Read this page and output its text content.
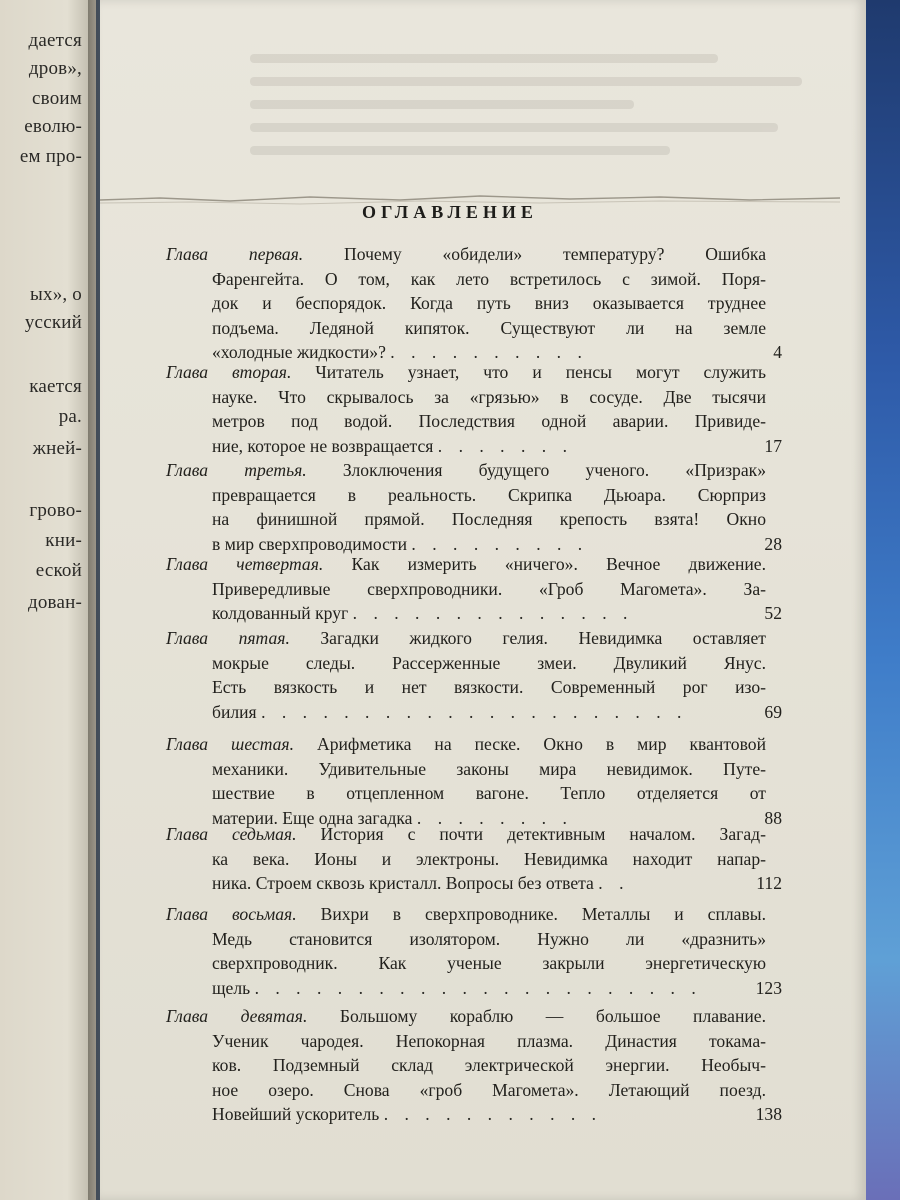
дается
дров»,
своим
еволю-
ем про-
ых», о
усский
кается
ра.
жней-
грово-
кни-
еской
дован-
ОГЛАВЛЕНИЕ

Глава первая. Почему «обидели» температуру? Ошибка

Фаренгейта. О том, как лето встретилось с зимой. Поря-

док и беспорядок. Когда путь вниз оказывается труднее

подъема. Ледяной кипяток. Существуют ли на земле

«холодные жидкости»? . . . . . . . . . .	4

Глава вторая. Читатель узнает, что и пенсы могут служить

науке. Что скрывалось за «грязью» в сосуде. Две тысячи

метров под водой. Последствия одной аварии. Привиде-

ние, которое не возвращается . . . . . . .	17

Глава третья. Злоключения будущего ученого. «Призрак»

превращается в реальность. Скрипка Дьюара. Сюрприз

на финишной прямой. Последняя крепость взята! Окно

в мир сверхпроводимости . . . . . . . . .	28

Глава четвертая. Как измерить «ничего». Вечное движение.

Привередливые сверхпроводники. «Гроб Магомета». За-

колдованный круг . . . . . . . . . . . . . .	52

Глава пятая. Загадки жидкого гелия. Невидимка оставляет

мокрые следы. Рассерженные змеи. Двуликий Янус.

Есть вязкость и нет вязкости. Современный рог изо-

билия . . . . . . . . . . . . . . . . . . . . .	69

Глава шестая. Арифметика на песке. Окно в мир квантовой

механики. Удивительные законы мира невидимок. Путе-

шествие в отцепленном вагоне. Тепло отделяется от

материи. Еще одна загадка . . . . . . . .	88

Глава седьмая. История с почти детективным началом. Загад-

ка века. Ионы и электроны. Невидимка находит напар-

ника. Строем сквозь кристалл. Вопросы без ответа . .	112

Глава восьмая. Вихри в сверхпроводнике. Металлы и сплавы.

Медь становится изолятором. Нужно ли «дразнить»

сверхпроводник. Как ученые закрыли энергетическую

щель . . . . . . . . . . . . . . . . . . . . . .	123

Глава девятая. Большому кораблю — большое плавание.

Ученик чародея. Непокорная плазма. Династия токама-

ков. Подземный склад электрической энергии. Необыч-

ное озеро. Снова «гроб Магомета». Летающий поезд.

Новейший ускоритель . . . . . . . . . . .	138
